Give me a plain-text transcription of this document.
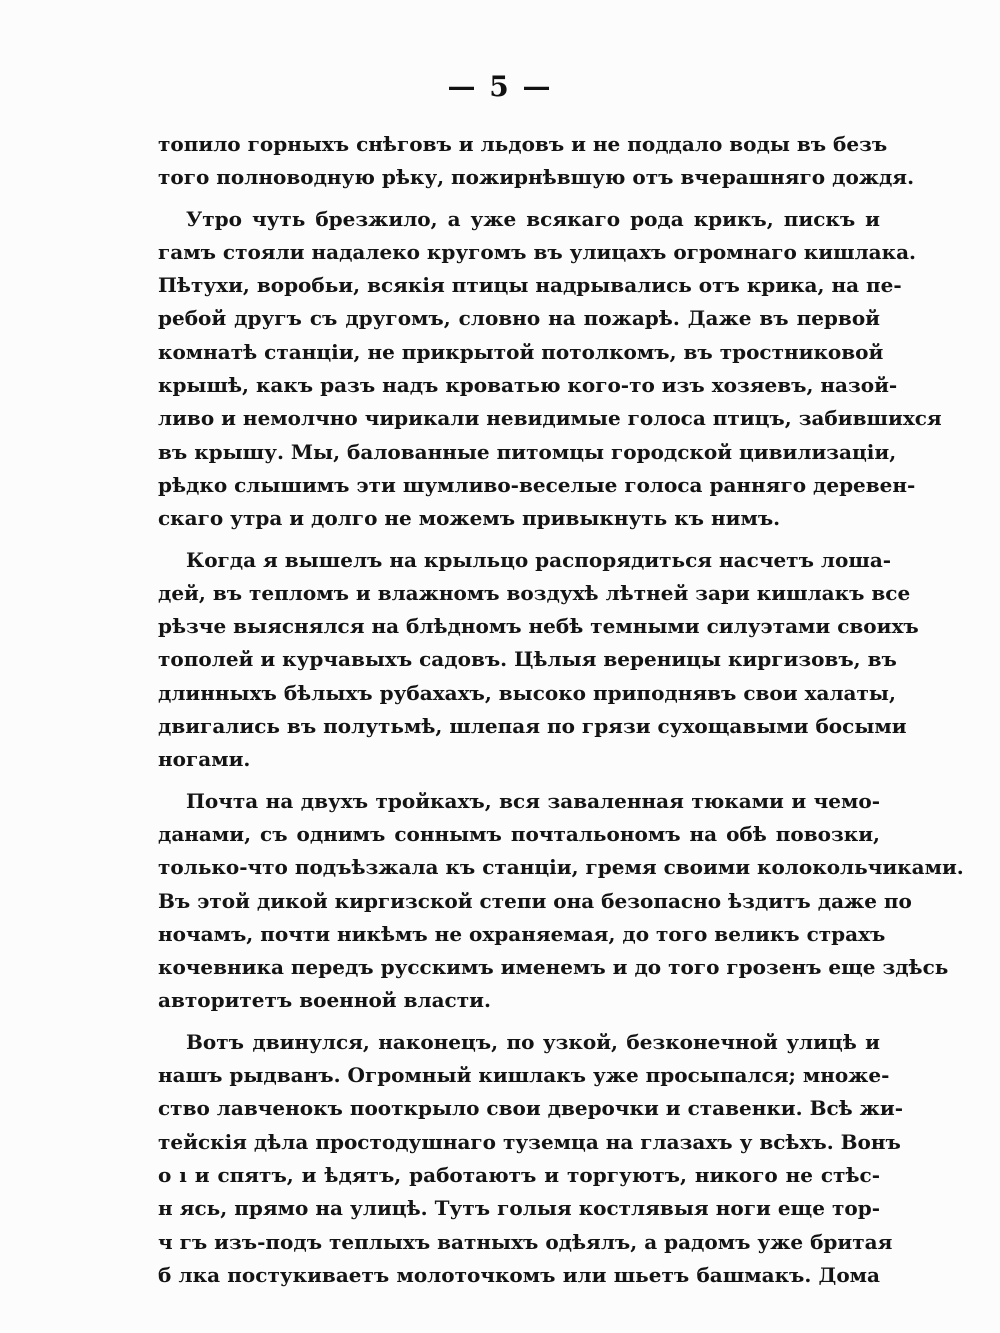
— 5 —
топило горныхъ снѣговъ и льдовъ и не поддало воды въ безъ
того полноводную рѣку, пожирнѣвшую отъ вчерашняго дождя.
Утро чуть брезжило, а уже всякаго рода крикъ, пискъ и
гамъ стояли надалеко кругомъ въ улицахъ огромнаго кишлака.
Пѣтухи, воробьи, всякія птицы надрывались отъ крика, на пе-
ребой другъ съ другомъ, словно на пожарѣ. Даже въ первой
комнатѣ станціи, не прикрытой потолкомъ, въ тростниковой
крышѣ, какъ разъ надъ кроватью кого-то изъ хозяевъ, назой-
ливо и немолчно чирикали невидимые голоса птицъ, забившихся
въ крышу. Мы, балованные питомцы городской цивилизаціи,
рѣдко слышимъ эти шумливо-веселые голоса ранняго деревен-
скаго утра и долго не можемъ привыкнуть къ нимъ.
Когда я вышелъ на крыльцо распорядиться насчетъ лоша-
дей, въ тепломъ и влажномъ воздухѣ лѣтней зари кишлакъ все
рѣзче выяснялся на блѣдномъ небѣ темными силуэтами своихъ
тополей и курчавыхъ садовъ. Цѣлыя вереницы киргизовъ, въ
длинныхъ бѣлыхъ рубахахъ, высоко приподнявъ свои халаты,
двигались въ полутьмѣ, шлепая по грязи сухощавыми босыми
ногами.
Почта на двухъ тройкахъ, вся заваленная тюками и чемо-
данами, съ однимъ соннымъ почтальономъ на обѣ повозки,
только-что подъѣзжала къ станціи, гремя своими колокольчиками.
Въ этой дикой киргизской степи она безопасно ѣздитъ даже по
ночамъ, почти никѣмъ не охраняемая, до того великъ страхъ
кочевника передъ русскимъ именемъ и до того грозенъ еще здѣсь
авторитетъ военной власти.
Вотъ двинулся, наконецъ, по узкой, безконечной улицѣ и
нашъ рыдванъ. Огромный кишлакъ уже просыпался; множе-
ство лавченокъ пооткрыло свои дверочки и ставенки. Всѣ жи-
тейскія дѣла простодушнаго туземца на глазахъ у всѣхъ. Вонъ
о ı и спятъ, и ѣдятъ, работаютъ и торгуютъ, никого не стѣс-
н ясь, прямо на улицѣ. Тутъ голыя костлявыя ноги еще тор-
ч гъ изъ-подъ теплыхъ ватныхъ одѣялъ, а радомъ уже бритая
б лка постукиваетъ молоточкомъ или шьетъ башмакъ. Дома
